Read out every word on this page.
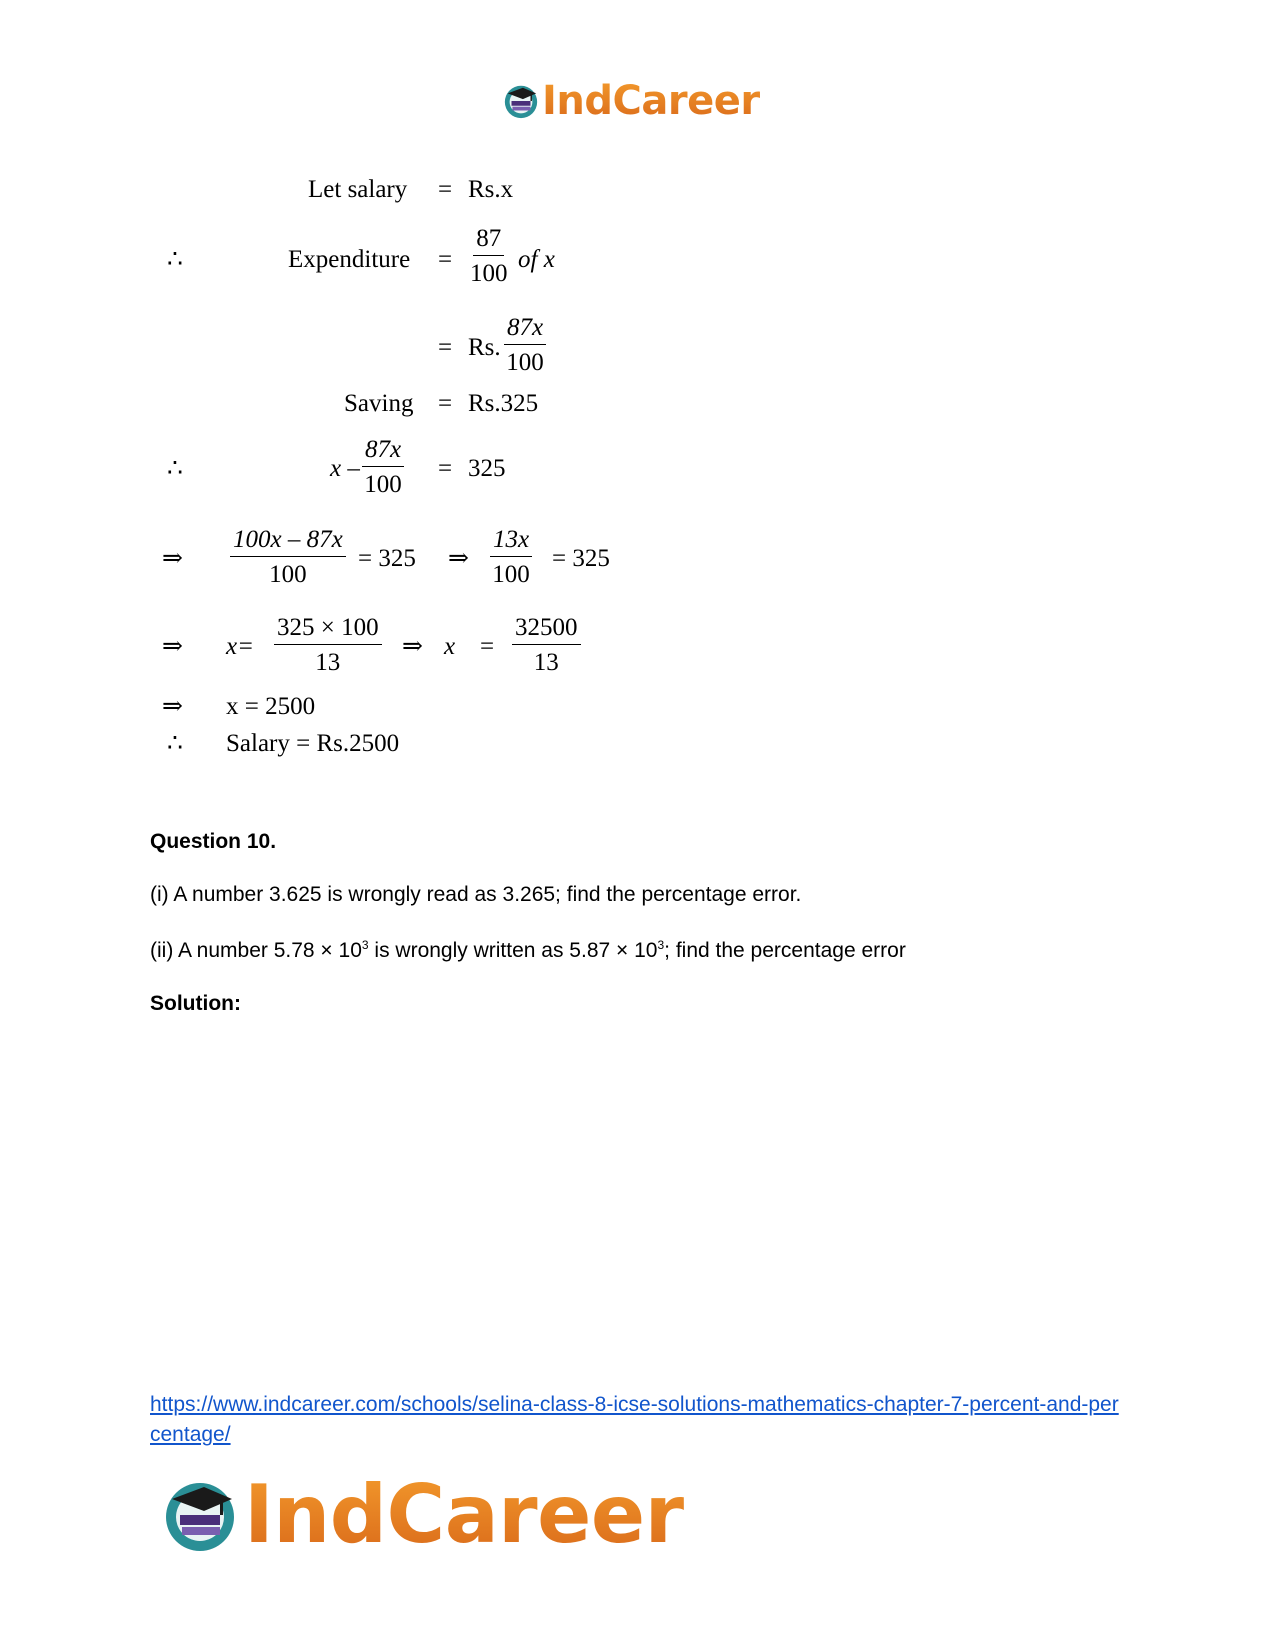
IndCareer
Let salary = Rs.x
∴	Expenditure = $\frac{87}{100}$ of x
= Rs. $\frac{87x}{100}$
Saving = Rs.325
∴	$x - \frac{87x}{100} = 325$
⇒ $\frac{100x - 87x}{100} = 325$ ⇒ $\frac{13x}{100} = 325$
⇒ $x= \frac{325 \times 100}{13}$ ⇒ $x = \frac{32500}{13}$
⇒ x = 2500
∴ Salary = Rs.2500
Question 10.
(i) A number 3.625 is wrongly read as 3.265; find the percentage error.
(ii) A number $5.78 \times 10^3$ is wrongly written as $5.87 \times 10^3$; find the percentage error
Solution:
https://www.indcareer.com/schools/selina-class-8-icse-solutions-mathematics-chapter-7-percent-and-percentage/
IndCareer
